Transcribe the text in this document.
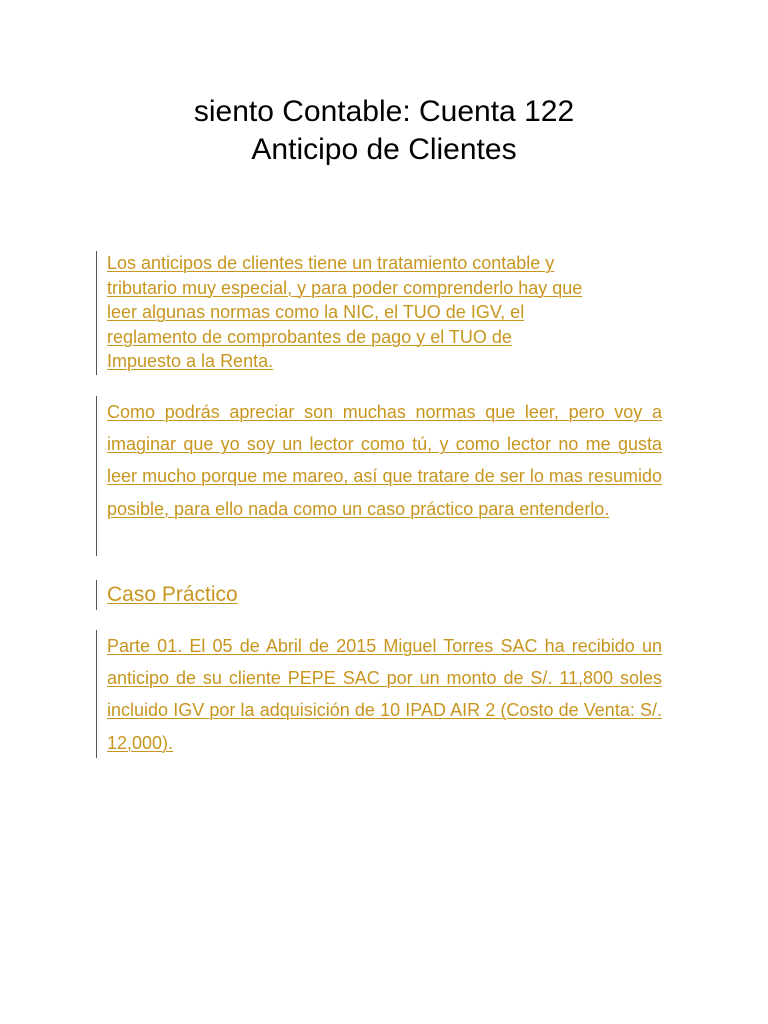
siento Contable: Cuenta 122
Anticipo de Clientes
Los anticipos de clientes tiene un tratamiento contable y
tributario muy especial, y para poder comprenderlo hay que
leer algunas normas como la NIC, el TUO de IGV, el
reglamento de comprobantes de pago y el TUO de
Impuesto a la Renta.
Como podrás apreciar son muchas normas que leer, pero voy a imaginar que yo soy un lector como tú, y como lector no me gusta leer mucho porque me mareo, así que tratare de ser lo mas resumido posible, para ello nada como un caso práctico para entenderlo.
Caso Práctico
Parte 01. El 05 de Abril de 2015 Miguel Torres SAC ha recibido un anticipo de su cliente PEPE SAC por un monto de S/. 11,800 soles incluido IGV por la adquisición de 10 IPAD AIR 2 (Costo de Venta: S/. 12,000).
